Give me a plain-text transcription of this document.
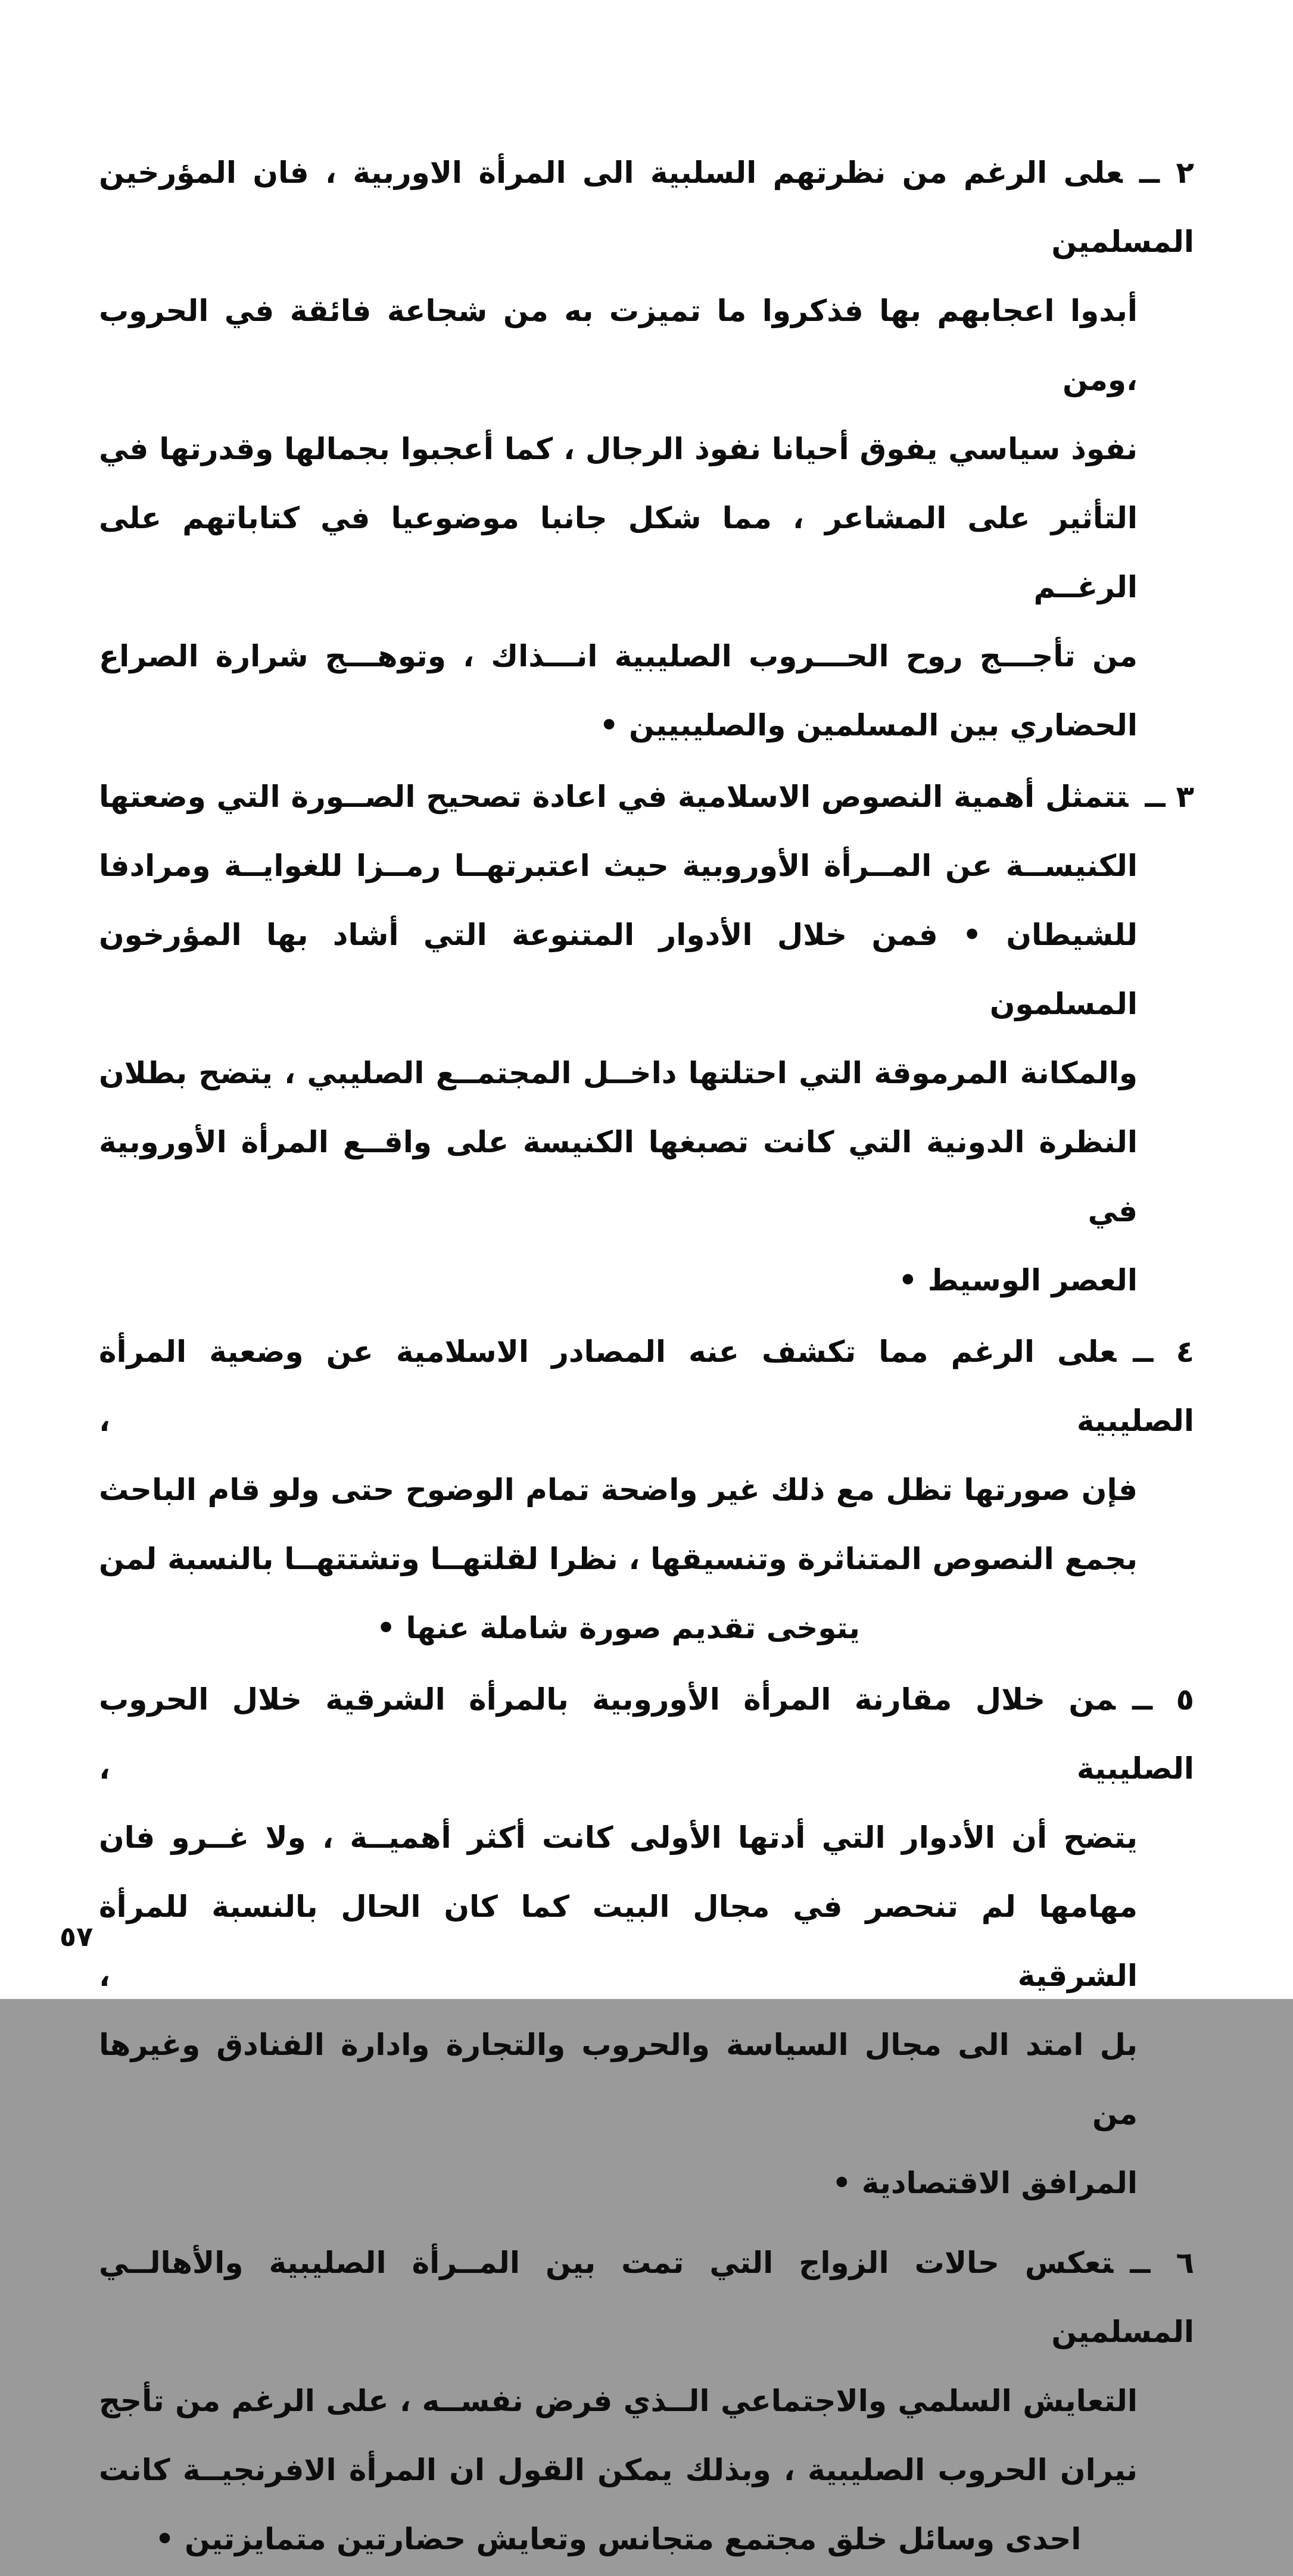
٢ ــعلى الرغم من نظرتهم السلبية الى المرأة الاوربية ، فان المؤرخين المسلمين
أبدوا اعجابهم بها فذكروا ما تميزت به من شجاعة فائقة في الحروب ،ومن
نفوذ سياسي يفوق أحيانا نفوذ الرجال ، كما أعجبوا بجمالها وقدرتها في
التأثير على المشاعر ، مما شكل جانبا موضوعيا في كتاباتهم على الرغــم
من تأجـــج روح الحـــروب الصليبية انـــذاك ، وتوهـــج شرارة الصراع
الحضاري بين المسلمين والصليبيين •
٣ ــتتمثل أهمية النصوص الاسلامية في اعادة تصحيح الصــورة التي وضعتها
الكنيســة عن المــرأة الأوروبية حيث اعتبرتهــا رمــزا للغوايــة ومرادفا
للشيطان • فمن خلال الأدوار المتنوعة التي أشاد بها المؤرخون المسلمون
والمكانة المرموقة التي احتلتها داخــل المجتمــع الصليبي ، يتضح بطلان
النظرة الدونية التي كانت تصبغها الكنيسة على واقــع المرأة الأوروبية في
العصر الوسيط •
٤ ــعلى الرغم مما تكشف عنه المصادر الاسلامية عن وضعية المرأة الصليبية ،
فإن صورتها تظل مع ذلك غير واضحة تمام الوضوح حتى ولو قام الباحث
بجمع النصوص المتناثرة وتنسيقها ، نظرا لقلتهــا وتشتتهــا بالنسبة لمن
يتوخى تقديم صورة شاملة عنها •
٥ ــمن خلال مقارنة المرأة الأوروبية بالمرأة الشرقية خلال الحروب الصليبية ،
يتضح أن الأدوار التي أدتها الأولى كانت أكثر أهميــة ، ولا غــرو فان
مهامها لم تنحصر في مجال البيت كما كان الحال بالنسبة للمرأة الشرقية ،
بل امتد الى مجال السياسة والحروب والتجارة وادارة الفنادق وغيرها من
المرافق الاقتصادية •
٦ ــتعكس حالات الزواج التي تمت بين المــرأة الصليبية والأهالــي المسلمين
التعايش السلمي والاجتماعي الــذي فرض نفســه ، على الرغم من تأجج
نيران الحروب الصليبية ، وبذلك يمكن القول ان المرأة الافرنجيــة كانت
احدى وسائل خلق مجتمع متجانس وتعايش حضارتين متمايزتين •
٥٧
